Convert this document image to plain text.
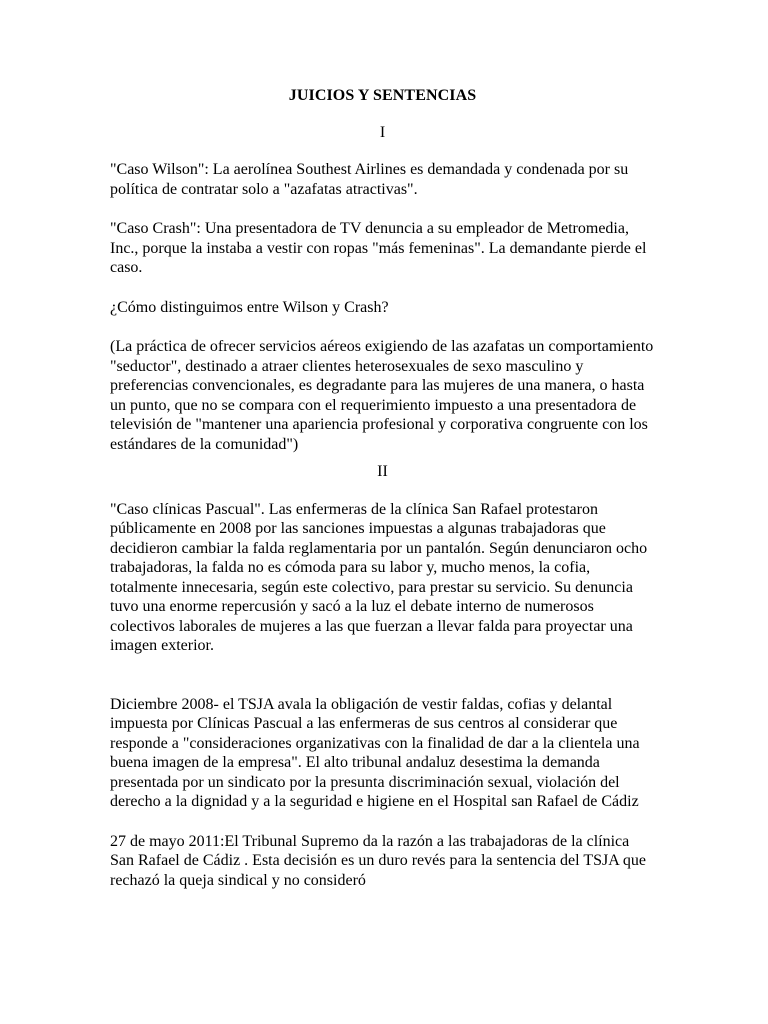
JUICIOS Y SENTENCIAS
I

"Caso Wilson": La aerolínea Southest Airlines es demandada y condenada por su política de contratar solo a "azafatas atractivas".

"Caso Crash": Una presentadora de TV denuncia a su empleador de Metromedia, Inc., porque la instaba a vestir con ropas "más femeninas". La demandante pierde el caso.

¿Cómo distinguimos entre Wilson y Crash?

(La práctica de ofrecer servicios aéreos exigiendo de las azafatas un comportamiento "seductor", destinado a atraer clientes heterosexuales de sexo masculino y preferencias convencionales, es degradante para las mujeres de una manera, o hasta un punto, que no se compara con el requerimiento impuesto a una presentadora de televisión de "mantener una apariencia profesional y corporativa congruente con los estándares de la comunidad")

II

"Caso clínicas Pascual". Las enfermeras de la clínica San Rafael protestaron públicamente en 2008 por las sanciones impuestas a algunas trabajadoras que decidieron cambiar la falda reglamentaria por un pantalón. Según denunciaron ocho trabajadoras, la falda no es cómoda para su labor y, mucho menos, la cofia, totalmente innecesaria, según este colectivo, para prestar su servicio. Su denuncia tuvo una enorme repercusión y sacó a la luz el debate interno de numerosos colectivos laborales de mujeres a las que fuerzan a llevar falda para proyectar una imagen exterior.

Diciembre 2008- el TSJA avala la obligación de vestir faldas, cofias y delantal impuesta por Clínicas Pascual a las enfermeras de sus centros al considerar que responde a "consideraciones organizativas con la finalidad de dar a la clientela una buena imagen de la empresa". El alto tribunal andaluz desestima la demanda presentada por un sindicato por la presunta discriminación sexual, violación del derecho a la dignidad y a la seguridad e higiene en el Hospital san Rafael de Cádiz

27 de mayo 2011:El Tribunal Supremo da la razón a las trabajadoras de la clínica San Rafael de Cádiz . Esta decisión es un duro revés para la sentencia del TSJA que rechazó la queja sindical y no consideró
